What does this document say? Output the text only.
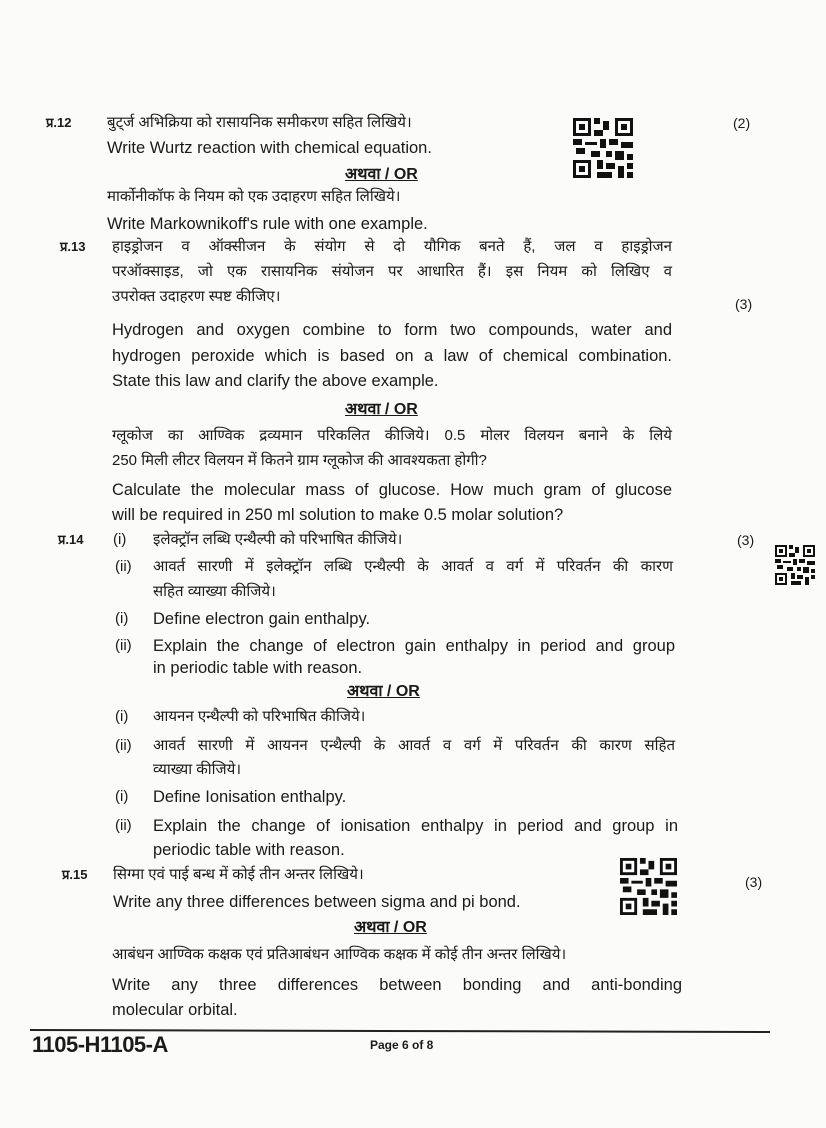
प्र.12 बुट्‌र्ज अभिक्रिया को रासायनिक समीकरण सहित लिखिये।
Write Wurtz reaction with chemical equation.
अथवा / OR
मार्कोनीकॉफ के नियम को एक उदाहरण सहित लिखिये।
Write Markownikoff's rule with one example.
(2)
प्र.13 हाइड्रोजन व ऑक्सीजन के संयोग से दो यौगिक बनते हैं, जल व हाइड्रोजन
परऑक्साइड, जो एक रासायनिक संयोजन पर आधारित हैं। इस नियम को लिखिए व
उपरोक्त उदाहरण स्पष्ट कीजिए।
Hydrogen and oxygen combine to form two compounds, water and
hydrogen peroxide which is based on a law of chemical combination.
State this law and clarify the above example.
अथवा / OR
ग्लूकोज का आण्विक द्रव्यमान परिकलित कीजिये। 0.5 मोलर विलयन बनाने के लिये
250 मिली लीटर विलयन में कितने ग्राम ग्लूकोज की आवश्यकता होगी?
Calculate the molecular mass of glucose. How much gram of glucose
will be required in 250 ml solution to make 0.5 molar solution?
(3)
प्र.14 (i) इलेक्ट्रॉन लब्धि एन्थैल्पी को परिभाषित कीजिये।
(ii) आवर्त सारणी में इलेक्ट्रॉन लब्धि एन्थैल्पी के आवर्त व वर्ग में परिवर्तन की कारण
सहित व्याख्या कीजिये।
(i) Define electron gain enthalpy.
(ii) Explain the change of electron gain enthalpy in period and group
in periodic table with reason.
अथवा / OR
(i) आयनन एन्थैल्पी को परिभाषित कीजिये।
(ii) आवर्त सारणी में आयनन एन्थैल्पी के आवर्त व वर्ग में परिवर्तन की कारण सहित
व्याख्या कीजिये।
(i) Define Ionisation enthalpy.
(ii) Explain the change of ionisation enthalpy in period and group in
periodic table with reason.
(3)
प्र.15 सिग्मा एवं पाई बन्ध में कोई तीन अन्तर लिखिये।
Write any three differences between sigma and pi bond.
अथवा / OR
आबंधन आण्विक कक्षक एवं प्रतिआबंधन आण्विक कक्षक में कोई तीन अन्तर लिखिये।
Write any three differences between bonding and anti-bonding
molecular orbital.
(3)
1105-H1105-A	Page 6 of 8
